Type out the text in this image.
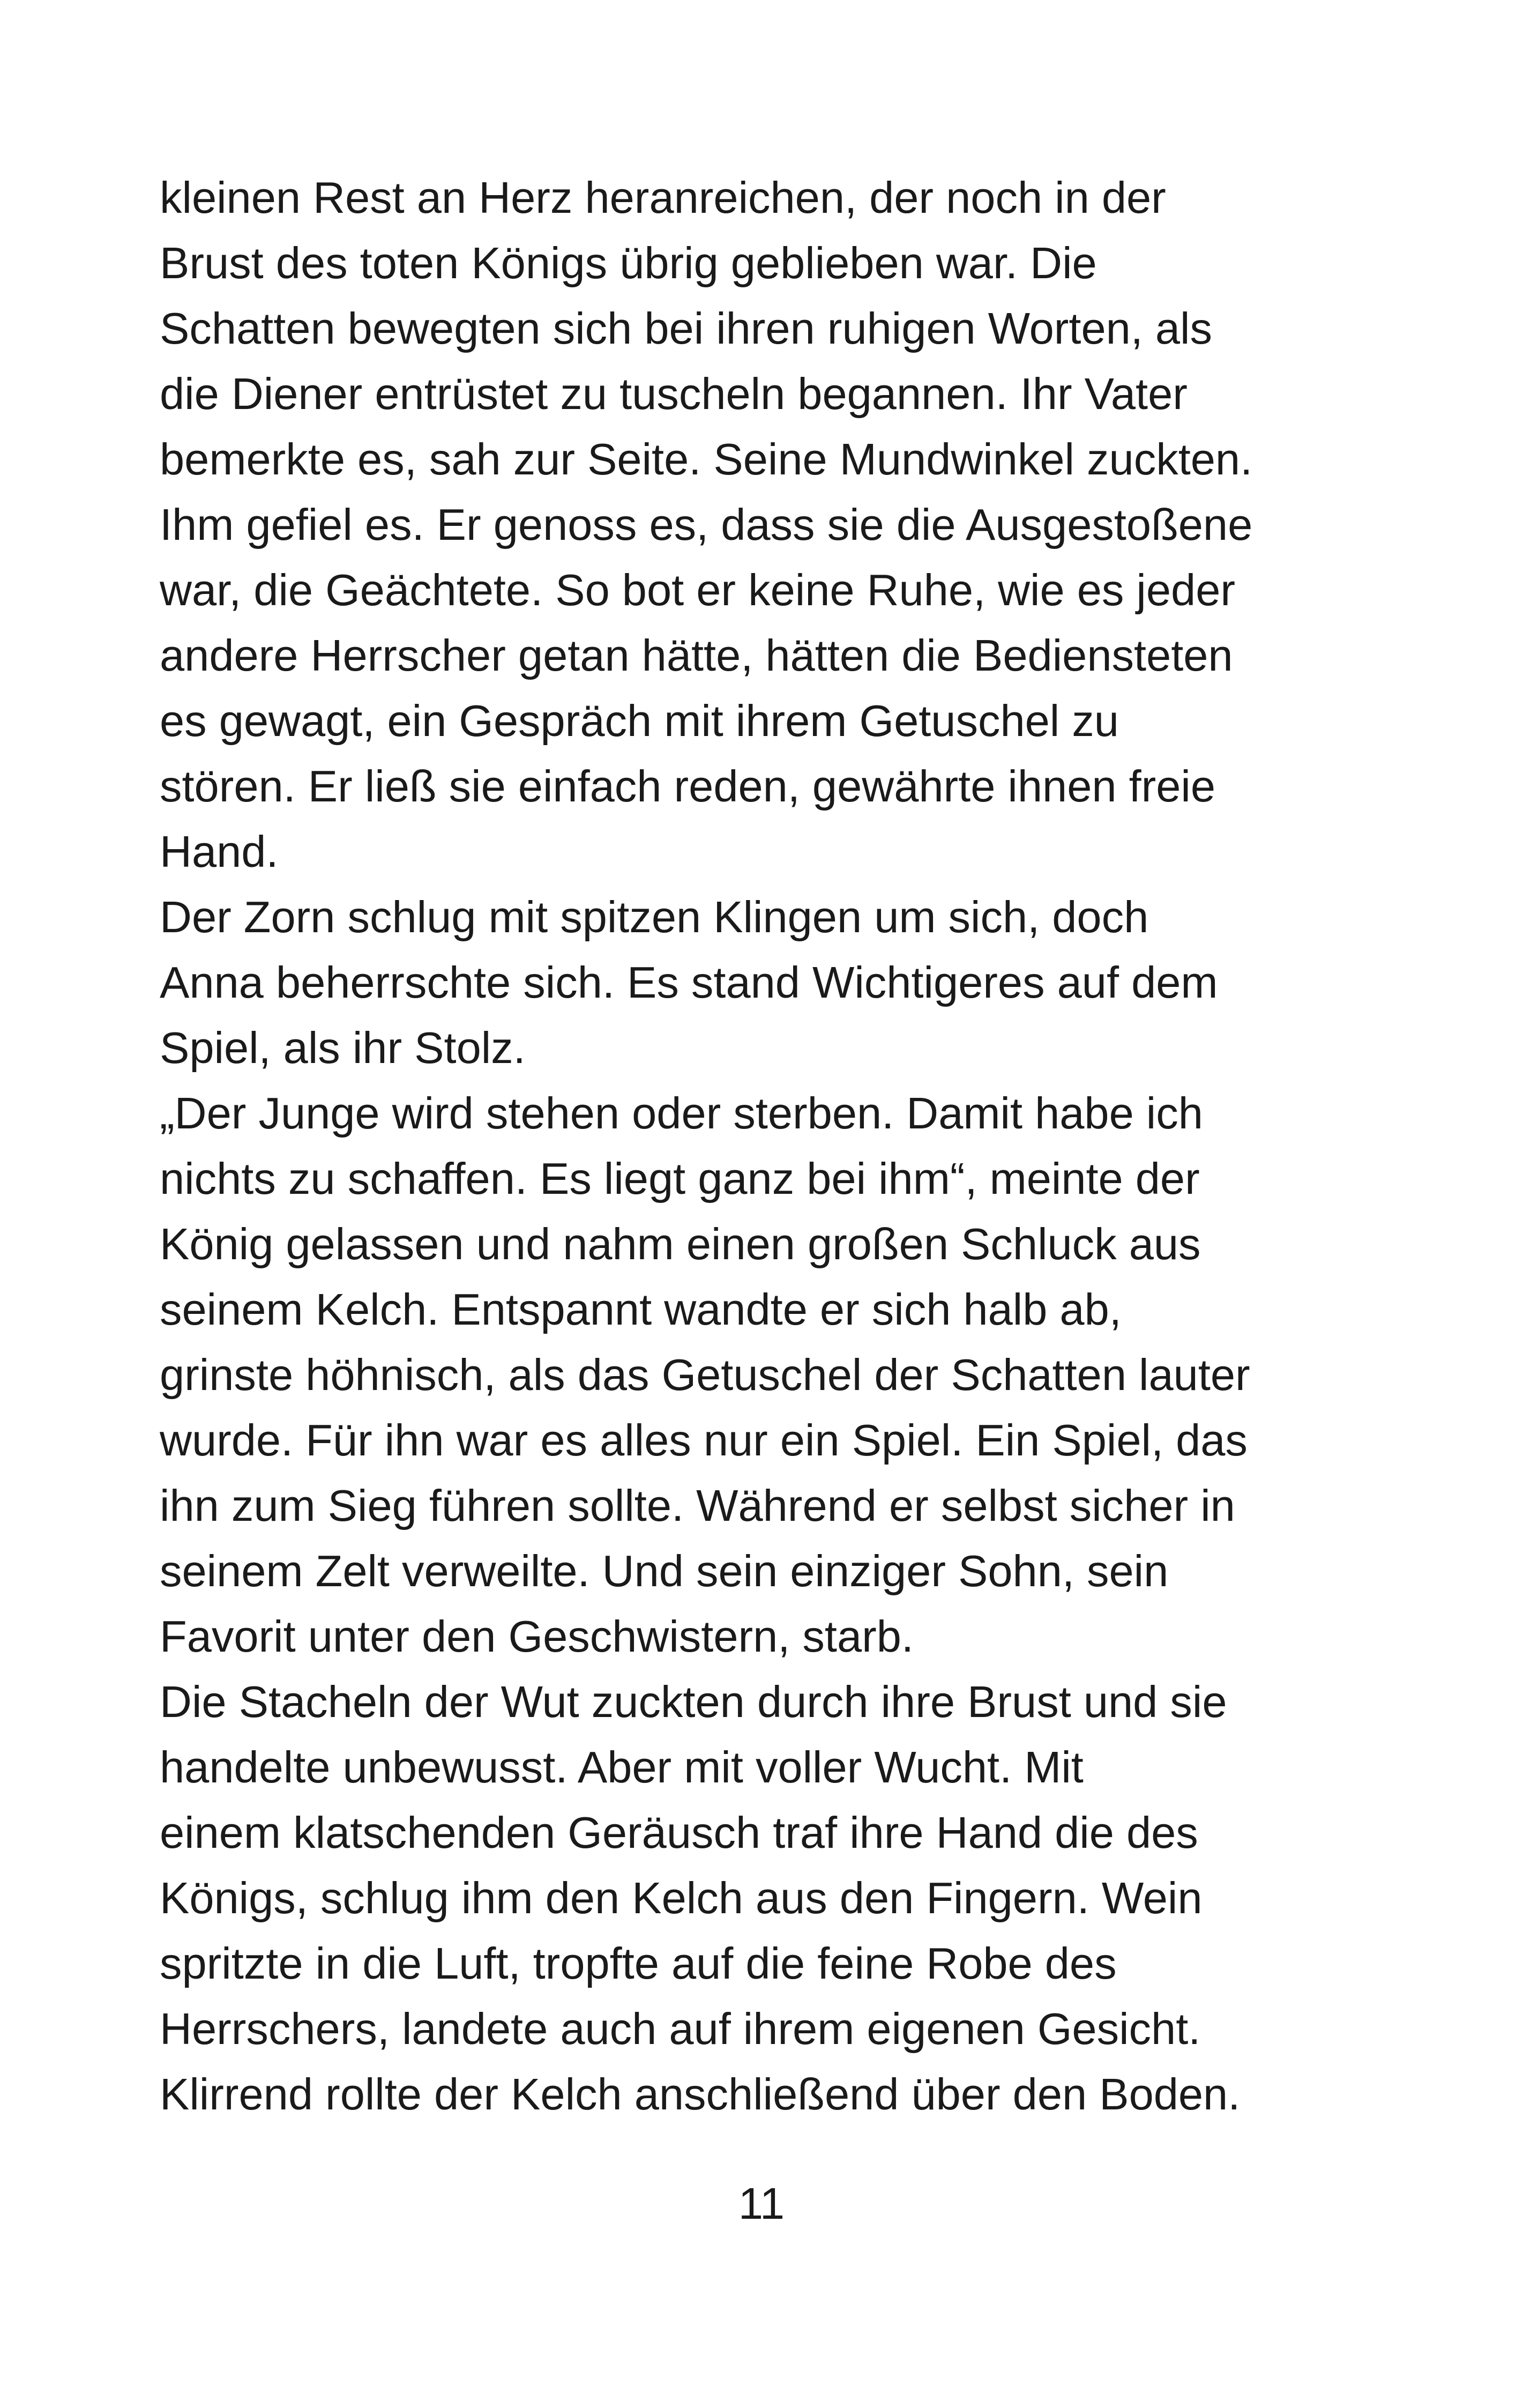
kleinen Rest an Herz heranreichen, der noch in der
Brust des toten Königs übrig geblieben war. Die
Schatten bewegten sich bei ihren ruhigen Worten, als
die Diener entrüstet zu tuscheln begannen. Ihr Vater
bemerkte es, sah zur Seite. Seine Mundwinkel zuckten.
Ihm gefiel es. Er genoss es, dass sie die Ausgestoßene
war, die Geächtete. So bot er keine Ruhe, wie es jeder
andere Herrscher getan hätte, hätten die Bediensteten
es gewagt, ein Gespräch mit ihrem Getuschel zu
stören. Er ließ sie einfach reden, gewährte ihnen freie
Hand.
Der Zorn schlug mit spitzen Klingen um sich, doch
Anna beherrschte sich. Es stand Wichtigeres auf dem
Spiel, als ihr Stolz.
„Der Junge wird stehen oder sterben. Damit habe ich
nichts zu schaffen. Es liegt ganz bei ihm“, meinte der
König gelassen und nahm einen großen Schluck aus
seinem Kelch. Entspannt wandte er sich halb ab,
grinste höhnisch, als das Getuschel der Schatten lauter
wurde. Für ihn war es alles nur ein Spiel. Ein Spiel, das
ihn zum Sieg führen sollte. Während er selbst sicher in
seinem Zelt verweilte. Und sein einziger Sohn, sein
Favorit unter den Geschwistern, starb.
Die Stacheln der Wut zuckten durch ihre Brust und sie
handelte unbewusst. Aber mit voller Wucht. Mit
einem klatschenden Geräusch traf ihre Hand die des
Königs, schlug ihm den Kelch aus den Fingern. Wein
spritzte in die Luft, tropfte auf die feine Robe des
Herrschers, landete auch auf ihrem eigenen Gesicht.
Klirrend rollte der Kelch anschließend über den Boden.
11
